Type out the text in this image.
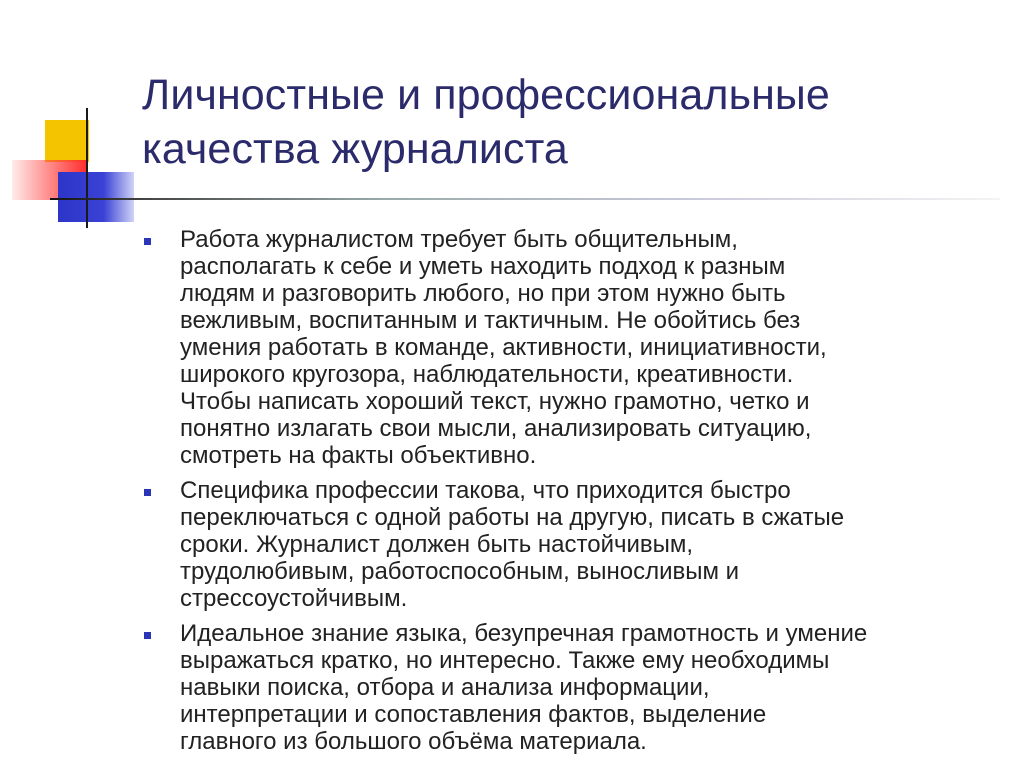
Личностные и профессиональные
качества журналиста
Работа журналистом требует быть общительным,
располагать к себе и уметь находить подход к разным
людям и разговорить любого, но при этом нужно быть
вежливым, воспитанным и тактичным. Не обойтись без
умения работать в команде, активности, инициативности,
широкого кругозора, наблюдательности, креативности.
Чтобы написать хороший текст, нужно грамотно, четко и
понятно излагать свои мысли, анализировать ситуацию,
смотреть на факты объективно.
Специфика профессии такова, что приходится быстро
переключаться с одной работы на другую, писать в сжатые
сроки. Журналист должен быть настойчивым,
трудолюбивым, работоспособным, выносливым и
стрессоустойчивым.
Идеальное знание языка, безупречная грамотность и умение
выражаться кратко, но интересно. Также ему необходимы
навыки поиска, отбора и анализа информации,
интерпретации и сопоставления фактов, выделение
главного из большого объёма материала.
